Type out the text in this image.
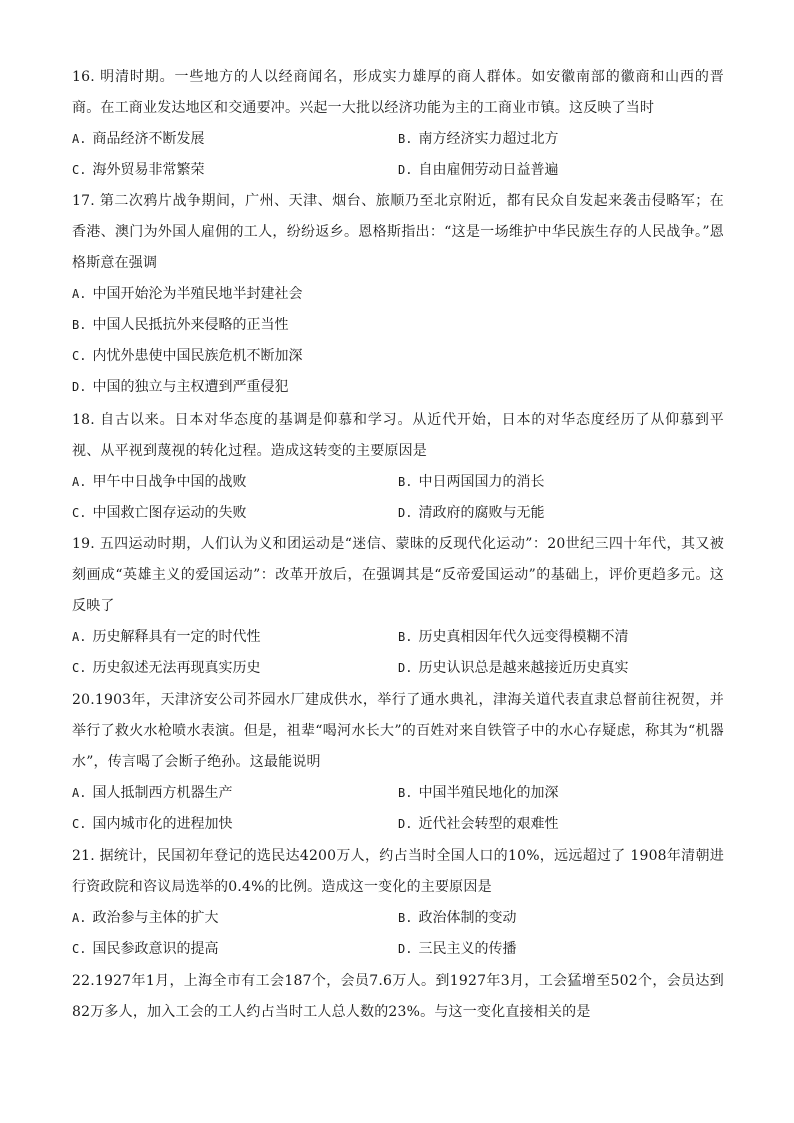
16. 明清时期。一些地方的人以经商闻名，形成实力雄厚的商人群体。如安徽南部的徽商和山西的晋商。在工商业发达地区和交通要冲。兴起一大批以经济功能为主的工商业市镇。这反映了当时

A. 商品经济不断发展	B. 南方经济实力超过北方
C. 海外贸易非常繁荣	D. 自由雇佣劳动日益普遍

17. 第二次鸦片战争期间，广州、天津、烟台、旅顺乃至北京附近，都有民众自发起来袭击侵略军；在香港、澳门为外国人雇佣的工人，纷纷返乡。恩格斯指出：“这是一场维护中华民族生存的人民战争。”恩格斯意在强调

A. 中国开始沦为半殖民地半封建社会
B. 中国人民抵抗外来侵略的正当性
C. 内忧外患使中国民族危机不断加深
D. 中国的独立与主权遭到严重侵犯

18. 自古以来。日本对华态度的基调是仰慕和学习。从近代开始，日本的对华态度经历了从仰慕到平视、从平视到蔑视的转化过程。造成这转变的主要原因是

A. 甲午中日战争中国的战败	B. 中日两国国力的消长
C. 中国救亡图存运动的失败	D. 清政府的腐败与无能

19. 五四运动时期，人们认为义和团运动是“迷信、蒙昧的反现代化运动”：20世纪三四十年代，其又被刻画成“英雄主义的爱国运动”：改革开放后，在强调其是“反帝爱国运动”的基础上，评价更趋多元。这反映了

A. 历史解释具有一定的时代性	B. 历史真相因年代久远变得模糊不清
C. 历史叙述无法再现真实历史	D. 历史认识总是越来越接近历史真实

20.1903年，天津济安公司芥园水厂建成供水，举行了通水典礼，津海关道代表直隶总督前往祝贺，并举行了救火水枪喷水表演。但是，祖辈“喝河水长大”的百姓对来自铁管子中的水心存疑虑，称其为“机器水”，传言喝了会断子绝孙。这最能说明

A. 国人抵制西方机器生产	B. 中国半殖民地化的加深
C. 国内城市化的进程加快	D. 近代社会转型的艰难性

21. 据统计，民国初年登记的选民达4200万人，约占当时全国人口的10%，远远超过了 1908年清朝进行资政院和咨议局选举的0.4%的比例。造成这一变化的主要原因是

A. 政治参与主体的扩大	B. 政治体制的变动
C. 国民参政意识的提高	D. 三民主义的传播

22.1927年1月，上海全市有工会187个，会员7.6万人。到1927年3月，工会猛增至502个，会员达到82万多人，加入工会的工人约占当时工人总人数的23%。与这一变化直接相关的是
